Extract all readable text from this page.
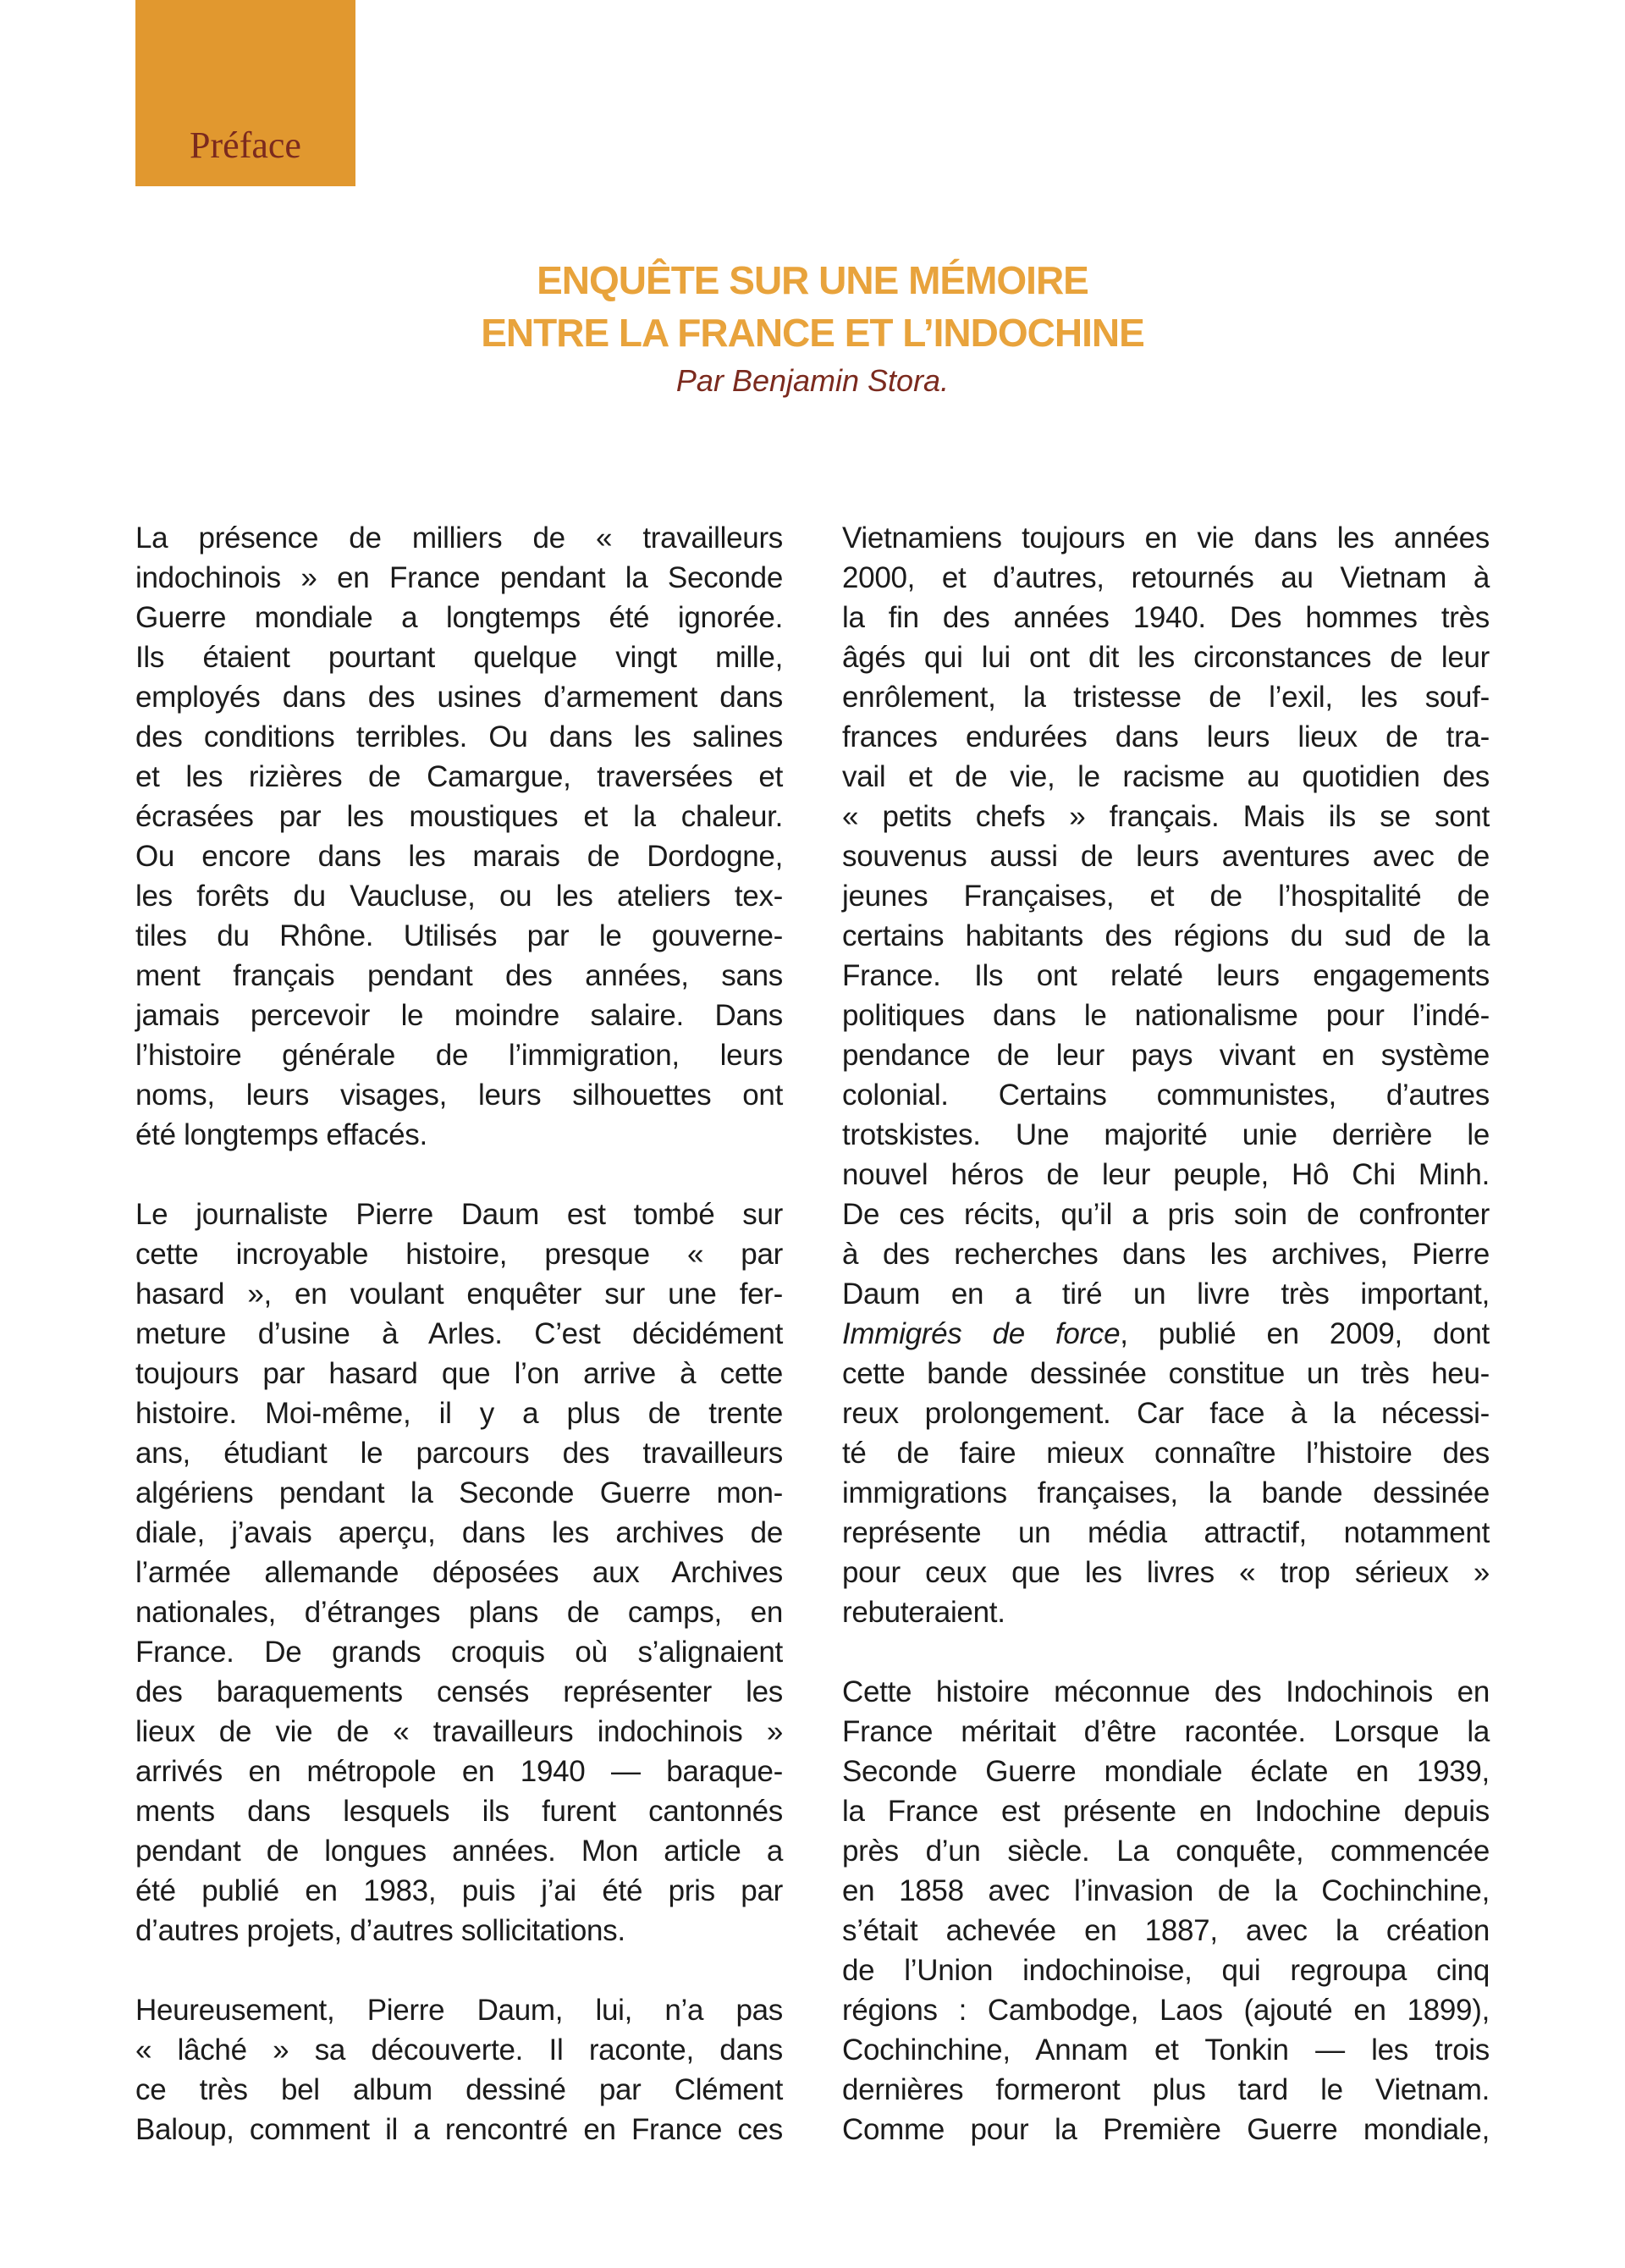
Préface
ENQUÊTE SUR UNE MÉMOIRE
ENTRE LA FRANCE ET L’INDOCHINE
Par Benjamin Stora.
La présence de milliers de « travailleurs
indochinois » en France pendant la Seconde
Guerre mondiale a longtemps été ignorée.
Ils étaient pourtant quelque vingt mille,
employés dans des usines d’armement dans
des conditions terribles. Ou dans les salines
et les rizières de Camargue, traversées et
écrasées par les moustiques et la chaleur.
Ou encore dans les marais de Dordogne,
les forêts du Vaucluse, ou les ateliers tex-
tiles du Rhône. Utilisés par le gouverne-
ment français pendant des années, sans
jamais percevoir le moindre salaire. Dans
l’histoire générale de l’immigration, leurs
noms, leurs visages, leurs silhouettes ont
été longtemps effacés.
Le journaliste Pierre Daum est tombé sur
cette incroyable histoire, presque « par
hasard », en voulant enquêter sur une fer-
meture d’usine à Arles. C’est décidément
toujours par hasard que l’on arrive à cette
histoire. Moi-même, il y a plus de trente
ans, étudiant le parcours des travailleurs
algériens pendant la Seconde Guerre mon-
diale, j’avais aperçu, dans les archives de
l’armée allemande déposées aux Archives
nationales, d’étranges plans de camps, en
France. De grands croquis où s’alignaient
des baraquements censés représenter les
lieux de vie de « travailleurs indochinois »
arrivés en métropole en 1940 — baraque-
ments dans lesquels ils furent cantonnés
pendant de longues années. Mon article a
été publié en 1983, puis j’ai été pris par
d’autres projets, d’autres sollicitations.
Heureusement, Pierre Daum, lui, n’a pas
« lâché » sa découverte. Il raconte, dans
ce très bel album dessiné par Clément
Baloup, comment il a rencontré en France ces
Vietnamiens toujours en vie dans les années
2000, et d’autres, retournés au Vietnam à
la fin des années 1940. Des hommes très
âgés qui lui ont dit les circonstances de leur
enrôlement, la tristesse de l’exil, les souf-
frances endurées dans leurs lieux de tra-
vail et de vie, le racisme au quotidien des
« petits chefs » français. Mais ils se sont
souvenus aussi de leurs aventures avec de
jeunes Françaises, et de l’hospitalité de
certains habitants des régions du sud de la
France. Ils ont relaté leurs engagements
politiques dans le nationalisme pour l’indé-
pendance de leur pays vivant en système
colonial. Certains communistes, d’autres
trotskistes. Une majorité unie derrière le
nouvel héros de leur peuple, Hô Chi Minh.
De ces récits, qu’il a pris soin de confronter
à des recherches dans les archives, Pierre
Daum en a tiré un livre très important,
Immigrés de force, publié en 2009, dont
cette bande dessinée constitue un très heu-
reux prolongement. Car face à la nécessi-
té de faire mieux connaître l’histoire des
immigrations françaises, la bande dessinée
représente un média attractif, notamment
pour ceux que les livres « trop sérieux »
rebuteraient.
Cette histoire méconnue des Indochinois en
France méritait d’être racontée. Lorsque la
Seconde Guerre mondiale éclate en 1939,
la France est présente en Indochine depuis
près d’un siècle. La conquête, commencée
en 1858 avec l’invasion de la Cochinchine,
s’était achevée en 1887, avec la création
de l’Union indochinoise, qui regroupa cinq
régions : Cambodge, Laos (ajouté en 1899),
Cochinchine, Annam et Tonkin — les trois
dernières formeront plus tard le Vietnam.
Comme pour la Première Guerre mondiale,
